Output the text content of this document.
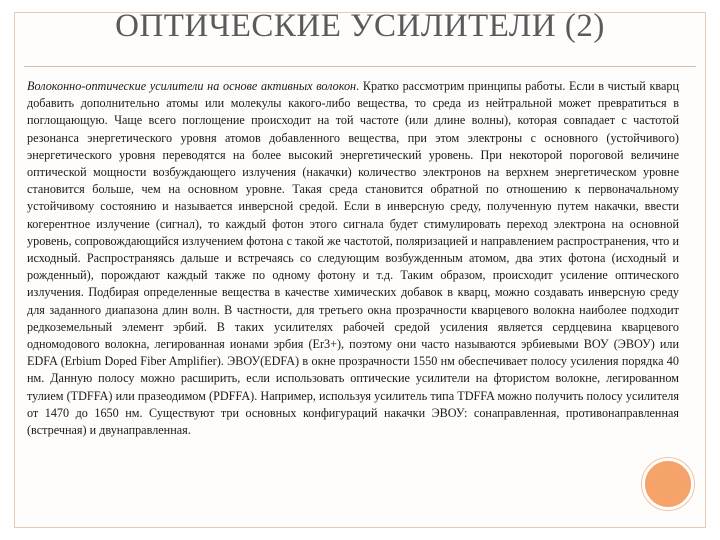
ОПТИЧЕСКИЕ УСИЛИТЕЛИ (2)
Волоконно-оптические усилители на основе активных волокон. Кратко рассмотрим принципы работы. Если в чистый кварц добавить дополнительно атомы или молекулы какого-либо вещества, то среда из нейтральной может превратиться в поглощающую. Чаще всего поглощение происходит на той частоте (или длине волны), которая совпадает с частотой резонанса энергетического уровня атомов добавленного вещества, при этом электроны с основного (устойчивого) энергетического уровня переводятся на более высокий энергетический уровень. При некоторой пороговой величине оптической мощности возбуждающего излучения (накачки) количество электронов на верхнем энергетическом уровне становится больше, чем на основном уровне. Такая среда становится обратной по отношению к первоначальному устойчивому состоянию и называется инверсной средой. Если в инверсную среду, полученную путем накачки, ввести когерентное излучение (сигнал), то каждый фотон этого сигнала будет стимулировать переход электрона на основной уровень, сопровождающийся излучением фотона с такой же частотой, поляризацией и направлением распространения, что и исходный. Распространяясь дальше и встречаясь со следующим возбужденным атомом, два этих фотона (исходный и рожденный), порождают каждый также по одному фотону и т.д. Таким образом, происходит усиление оптического излучения. Подбирая определенные вещества в качестве химических добавок в кварц, можно создавать инверсную среду для заданного диапазона длин волн. В частности, для третьего окна прозрачности кварцевого волокна наиболее подходит редкоземельный элемент эрбий. В таких усилителях рабочей средой усиления является сердцевина кварцевого одномодового волокна, легированная ионами эрбия (Er3+), поэтому они часто называются эрбиевыми ВОУ (ЭВОУ) или EDFA (Erbium Doped Fiber Amplifier). ЭВОУ(EDFA) в окне прозрачности 1550 нм обеспечивает полосу усиления порядка 40 нм. Данную полосу можно расширить, если использовать оптические усилители на фтористом волокне, легированном тулием (TDFFA) или празеодимом (PDFFA). Например, используя усилитель типа TDFFA можно получить полосу усилителя от 1470 до 1650 нм. Существуют три основных конфигураций накачки ЭВОУ: сонаправленная, противонаправленная (встречная) и двунаправленная.
